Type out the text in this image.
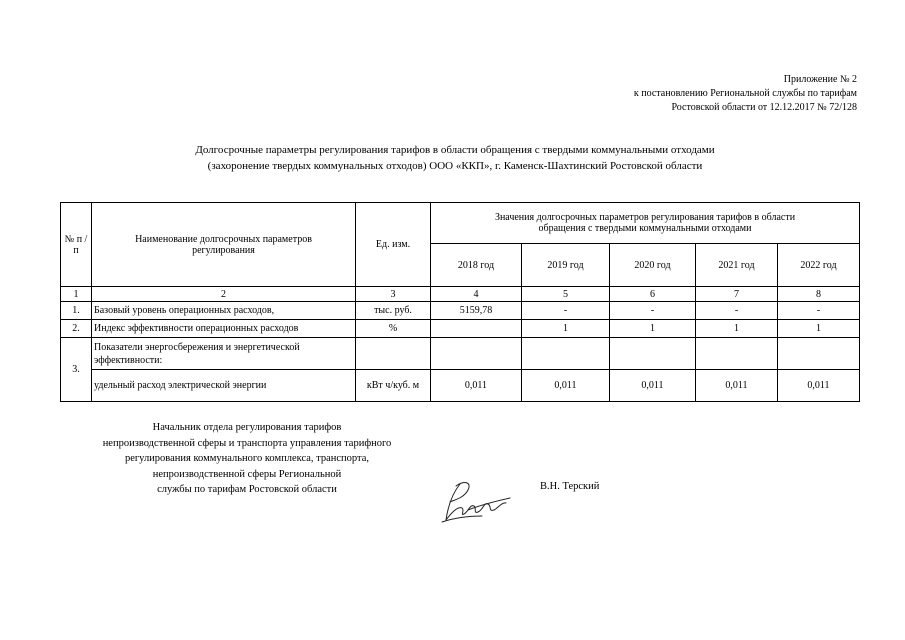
Приложение № 2
к постановлению Региональной службы по тарифам
Ростовской области от 12.12.2017 № 72/128
Долгосрочные параметры регулирования тарифов в области обращения с твердыми коммунальными отходами
(захоронение твердых коммунальных отходов) ООО «ККП», г. Каменск-Шахтинский Ростовской области
№ п /п	Наименование долгосрочных параметров регулирования	Ед. изм.	Значения долгосрочных параметров регулирования тарифов в области обращения с твердыми коммунальными отходами				
			2018 год	2019 год	2020 год	2021 год	2022 год
1	2	3	4	5	6	7	8
1.	Базовый уровень операционных расходов,	тыс. руб.	5159,78	-	-	-	-
2.	Индекс эффективности операционных расходов	%		1	1	1	1
3.	Показатели энергосбережения и энергетической эффективности:						
	удельный расход электрической энергии	кВт ч/куб. м	0,011	0,011	0,011	0,011	0,011
Начальник отдела регулирования тарифов
непроизводственной сферы и транспорта управления тарифного
регулирования коммунального комплекса, транспорта,
непроизводственной сферы Региональной
службы по тарифам Ростовской области	В.Н. Терский
